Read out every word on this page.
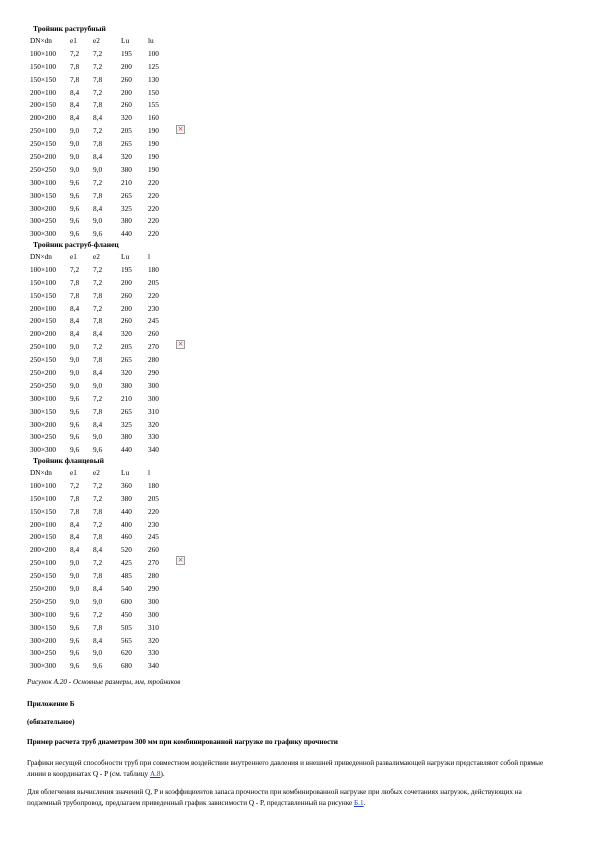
Тройник раструбный
DN×dn	e1	e2	Lu	lu
100×100	7,2	7,2	195	100
150×100	7,8	7,2	200	125
150×150	7,8	7,8	260	130
200×100	8,4	7,2	200	150
200×150	8,4	7,8	260	155
200×200	8,4	8,4	320	160
250×100	9,0	7,2	205	190
250×150	9,0	7,8	265	190
250×200	9,0	8,4	320	190
250×250	9,0	9,0	380	190
300×100	9,6	7,2	210	220
300×150	9,6	7,8	265	220
300×200	9,6	8,4	325	220
300×250	9,6	9,0	380	220
300×300	9,6	9,6	440	220
×
Тройник раструб-фланец
DN×dn	e1	e2	Lu	l
100×100	7,2	7,2	195	180
150×100	7,8	7,2	200	205
150×150	7,8	7,8	260	220
200×100	8,4	7,2	200	230
200×150	8,4	7,8	260	245
200×200	8,4	8,4	320	260
250×100	9,0	7,2	205	270
250×150	9,0	7,8	265	280
250×200	9,0	8,4	320	290
250×250	9,0	9,0	380	300
300×100	9,6	7,2	210	300
300×150	9,6	7,8	265	310
300×200	9,6	8,4	325	320
300×250	9,6	9,0	380	330
300×300	9,6	9,6	440	340
×
Тройник фланцевый
DN×dn	e1	e2	Lu	l
100×100	7,2	7,2	360	180
150×100	7,8	7,2	380	205
150×150	7,8	7,8	440	220
200×100	8,4	7,2	400	230
200×150	8,4	7,8	460	245
200×200	8,4	8,4	520	260
250×100	9,0	7,2	425	270
250×150	9,0	7,8	485	280
250×200	9,0	8,4	540	290
250×250	9,0	9,0	600	300
300×100	9,6	7,2	450	300
300×150	9,6	7,8	505	310
300×200	9,6	8,4	565	320
300×250	9,6	9,0	620	330
300×300	9,6	9,6	680	340
×
Рисунок А.20 - Основные размеры, мм, тройников
Приложение Б
(обязательное)
Пример расчета труб диаметром 300 мм при комбинированной нагрузке по графику прочности
Графики несущей способности труб при совместном воздействии внутреннего давления и внешней приведенной развалимающей нагрузки представляют собой прямые линии в координатах Q - P (см. таблицу А.8).
Для облегчения вычисления значений Q, P и коэффициентов запаса прочности при комбинированной нагрузке при любых сочетаниях нагрузок, действующих на подземный трубопровод, предлагаем приведенный график зависимости Q - P, представленный на рисунке Б.1.
